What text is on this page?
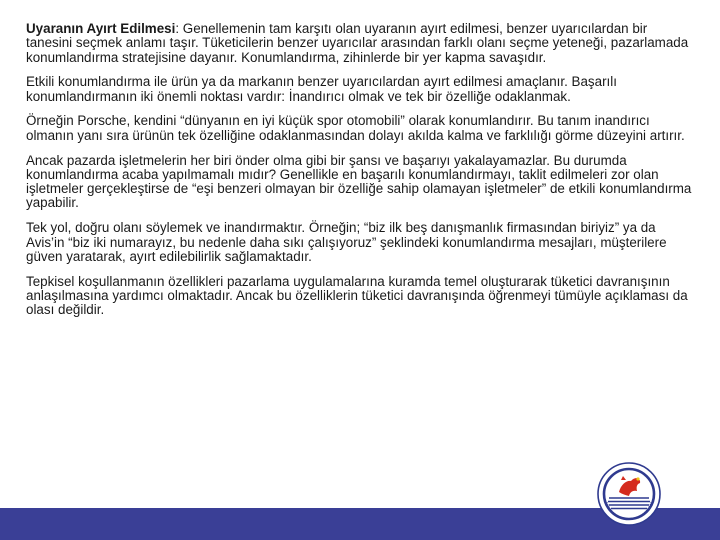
Uyaranın Ayırt Edilmesi: Genellemenin tam karşıtı olan uyaranın ayırt edilmesi, benzer uyarıcılardan bir tanesini seçmek anlamı taşır. Tüketicilerin benzer uyarıcılar arasından farklı olanı seçme yeteneği, pazarlamada konumlandırma stratejisine dayanır. Konumlandırma, zihinlerde bir yer kapma savaşıdır.

Etkili konumlandırma ile ürün ya da markanın benzer uyarıcılardan ayırt edilmesi amaçlanır. Başarılı konumlandırmanın iki önemli noktası vardır: İnandırıcı olmak ve tek bir özelliğe odaklanmak.

Örneğin Porsche, kendini “dünyanın en iyi küçük spor otomobili” olarak konumlandırır. Bu tanım inandırıcı olmanın yanı sıra ürünün tek özelliğine odaklanmasından dolayı akılda kalma ve farklılığı görme düzeyini artırır.

Ancak pazarda işletmelerin her biri önder olma gibi bir şansı ve başarıyı yakalayamazlar. Bu durumda konumlandırma acaba yapılmamalı mıdır? Genellikle en başarılı konumlandırmayı, taklit edilmeleri zor olan işletmeler gerçekleştirse de “eşi benzeri olmayan bir özelliğe sahip olamayan işletmeler” de etkili konumlandırma yapabilir.

Tek yol, doğru olanı söylemek ve inandırmaktır. Örneğin; “biz ilk beş danışmanlık firmasından biriyiz” ya da Avis’in “biz iki numarayız, bu nedenle daha sıkı çalışıyoruz” şeklindeki konumlandırma mesajları, müşterilere güven yaratarak, ayırt edilebilirlik sağlamaktadır.

Tepkisel koşullanmanın özellikleri pazarlama uygulamalarına kuramda temel oluşturarak tüketici davranışının anlaşılmasına yardımcı olmaktadır. Ancak bu özelliklerin tüketici davranışında öğrenmeyi tümüyle açıklaması da olası değildir.
